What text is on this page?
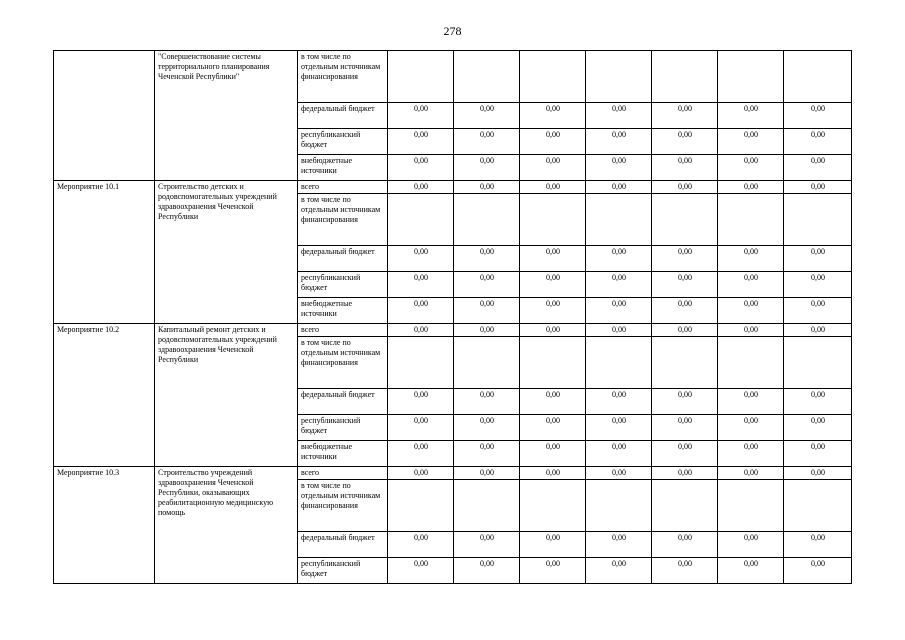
278
	"Совершенствование системы территориального планирования Чеченской Республики"	в том числе по отдельным источникам финансирования							
		федеральный бюджет	0,00	0,00	0,00	0,00	0,00	0,00	0,00
		республиканский бюджет	0,00	0,00	0,00	0,00	0,00	0,00	0,00
		внебюджетные источники	0,00	0,00	0,00	0,00	0,00	0,00	0,00
Мероприятие 10.1	Строительство детских и родовспомогательных учреждений здравоохранения Чеченской Республики	всего	0,00	0,00	0,00	0,00	0,00	0,00	0,00
		в том числе по отдельным источникам финансирования							
		федеральный бюджет	0,00	0,00	0,00	0,00	0,00	0,00	0,00
		республиканский бюджет	0,00	0,00	0,00	0,00	0,00	0,00	0,00
		внебюджетные источники	0,00	0,00	0,00	0,00	0,00	0,00	0,00
Мероприятие 10.2	Капитальный ремонт детских и родовспомогательных учреждений здравоохранения Чеченской Республики	всего	0,00	0,00	0,00	0,00	0,00	0,00	0,00
		в том числе по отдельным источникам финансирования							
		федеральный бюджет	0,00	0,00	0,00	0,00	0,00	0,00	0,00
		республиканский бюджет	0,00	0,00	0,00	0,00	0,00	0,00	0,00
		внебюджетные источники	0,00	0,00	0,00	0,00	0,00	0,00	0,00
Мероприятие 10.3	Строительство учреждений здравоохранения Чеченской Республики, оказывающих реабилитационную медицинскую помощь	всего	0,00	0,00	0,00	0,00	0,00	0,00	0,00
		в том числе по отдельным источникам финансирования							
		федеральный бюджет	0,00	0,00	0,00	0,00	0,00	0,00	0,00
		республиканский бюджет	0,00	0,00	0,00	0,00	0,00	0,00	0,00
